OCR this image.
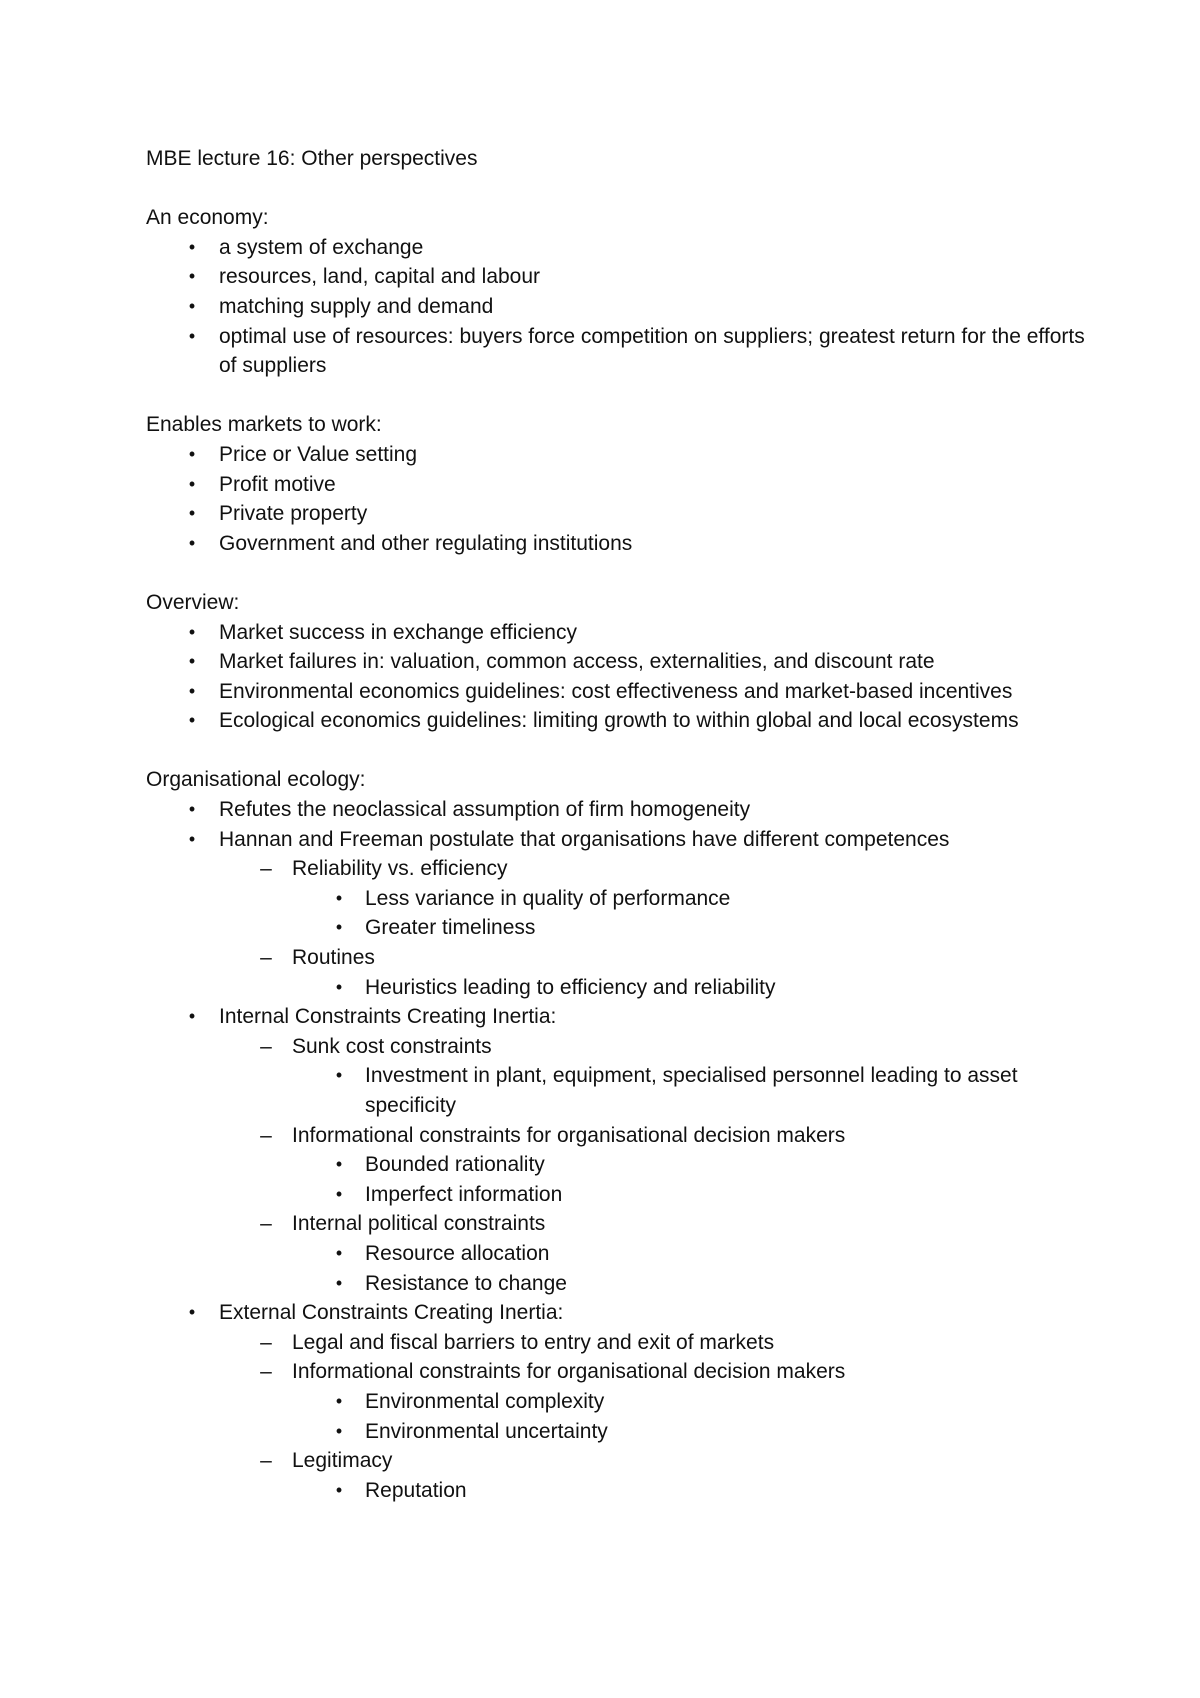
MBE lecture 16: Other perspectives

An economy:

•	a system of exchange
•	resources, land, capital and labour
•	matching supply and demand
•	optimal use of resources: buyers force competition on suppliers; greatest return for the efforts of suppliers

Enables markets to work:

•	Price or Value setting
•	Profit motive
•	Private property
•	Government and other regulating institutions

Overview:

•	Market success in exchange efficiency
•	Market failures in: valuation, common access, externalities, and discount rate
•	Environmental economics guidelines: cost effectiveness and market-based incentives
•	Ecological economics guidelines: limiting growth to within global and local ecosystems

Organisational ecology:

•	Refutes the neoclassical assumption of firm homogeneity
•	Hannan and Freeman postulate that organisations have different competences
– Reliability vs. efficiency
•	Less variance in quality of performance
•	Greater timeliness
– Routines
•	Heuristics leading to efficiency and reliability
•	Internal Constraints Creating Inertia:
– Sunk cost constraints
•	Investment in plant, equipment, specialised personnel leading to asset specificity
– Informational constraints for organisational decision makers
•	Bounded rationality
•	Imperfect information
– Internal political constraints
•	Resource allocation
•	Resistance to change
•	External Constraints Creating Inertia:
– Legal and fiscal barriers to entry and exit of markets
– Informational constraints for organisational decision makers
•	Environmental complexity
•	Environmental uncertainty
– Legitimacy
•	Reputation
